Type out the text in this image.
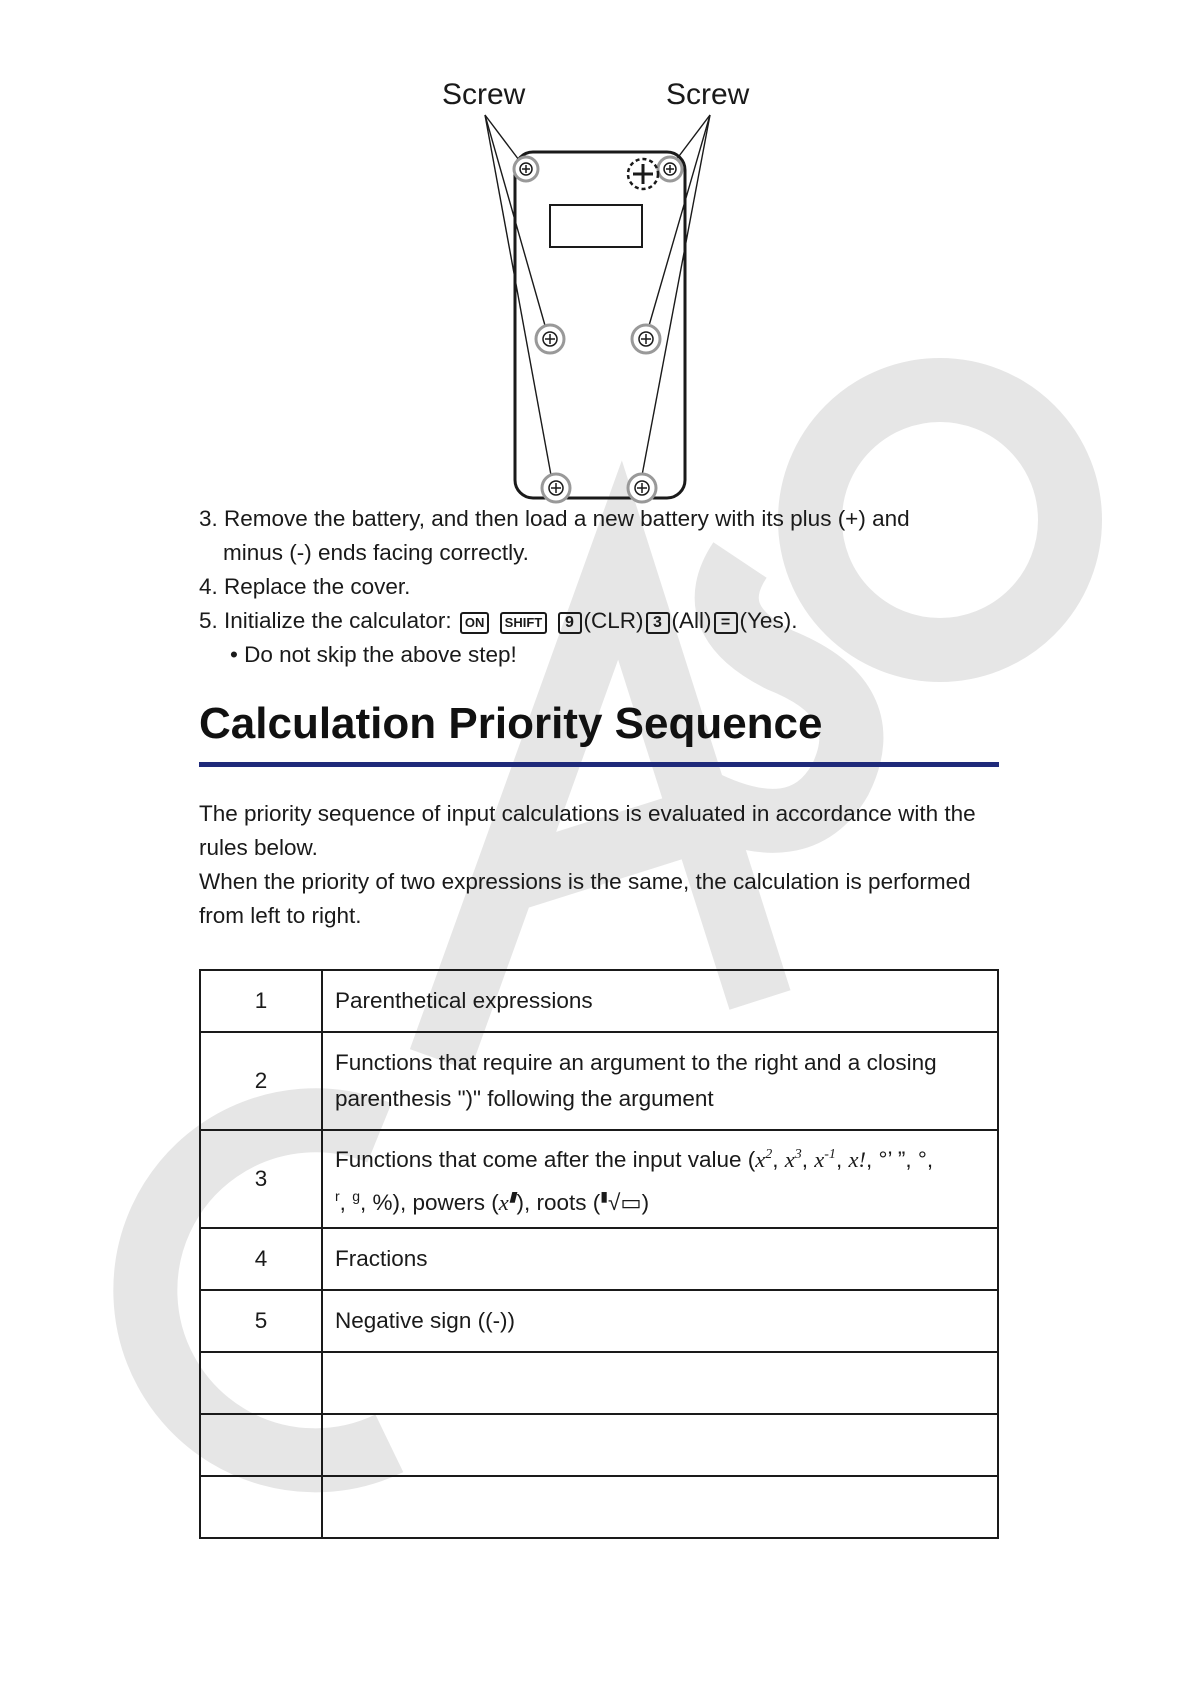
Screw	Screw

3. Remove the battery, and then load a new battery with its plus (+) and

minus (-) ends facing correctly.

4. Replace the cover.

5. Initialize the calculator: ON SHIFT 9 (CLR) 3 (All) = (Yes).

• Do not skip the above step!

Calculation Priority Sequence

The priority sequence of input calculations is evaluated in accordance with the rules below.

When the priority of two expressions is the same, the calculation is performed from left to right.

1	Parenthetical expressions
2	Functions that require an argument to the right and a closing parenthesis ")" following the argument
3	Functions that come after the input value ($x^2$, $x^3$, $x^{-1}$, x!, °’ ”, °,
$^r$, $^g$, %), powers (x▮), roots (▮√▭)
4	Fractions
5	Negative sign ((-))
